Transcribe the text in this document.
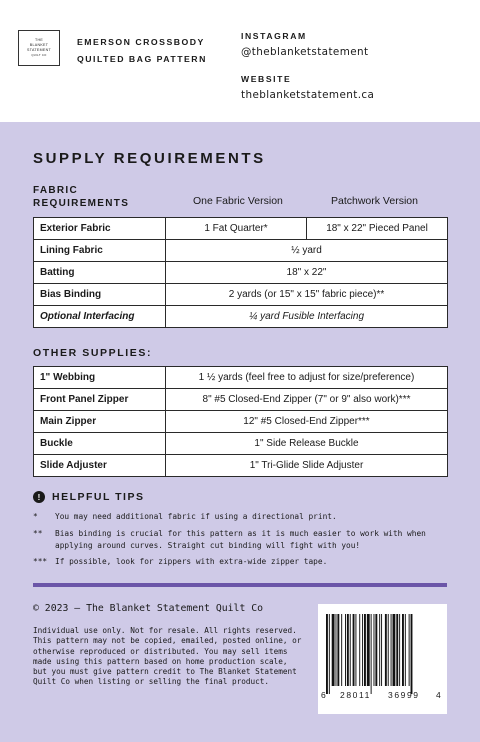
THE
BLANKET
STATEMENT
QUILT CO
EMERSON CROSSBODY
QUILTED BAG PATTERN
INSTAGRAM
@theblanketstatement
WEBSITE
theblanketstatement.ca
SUPPLY REQUIREMENTS
FABRIC
REQUIREMENTS	One Fabric Version	Patchwork Version
Exterior Fabric	1 Fat Quarter*	18" x 22" Pieced Panel
Lining Fabric	½ yard	
Batting	18" x 22"	
Bias Binding	2 yards (or 15" x 15" fabric piece)**	
Optional Interfacing	¼ yard Fusible Interfacing	
OTHER SUPPLIES:
1" Webbing	1 ½ yards (feel free to adjust for size/preference)
Front Panel Zipper	8" #5 Closed-End Zipper (7" or 9" also work)***
Main Zipper	12" #5 Closed-End Zipper***
Buckle	1" Side Release Buckle
Slide Adjuster	1" Tri-Glide Slide Adjuster
!	HELPFUL TIPS
*	You may need additional fabric if using a directional print.
**	Bias binding is crucial for this pattern as it is much easier to work with when applying around curves. Straight cut binding will fight with you!
***	If possible, look for zippers with extra-wide zipper tape.
© 2023 – The Blanket Statement Quilt Co
Individual use only. Not for resale. All rights reserved. This pattern may not be copied, emailed, posted online, or otherwise reproduced or distributed. You may sell items made using this pattern based on home production scale, but you must give pattern credit to The Blanket Statement Quilt Co when listing or selling the final product.
6 28011 36999 4
